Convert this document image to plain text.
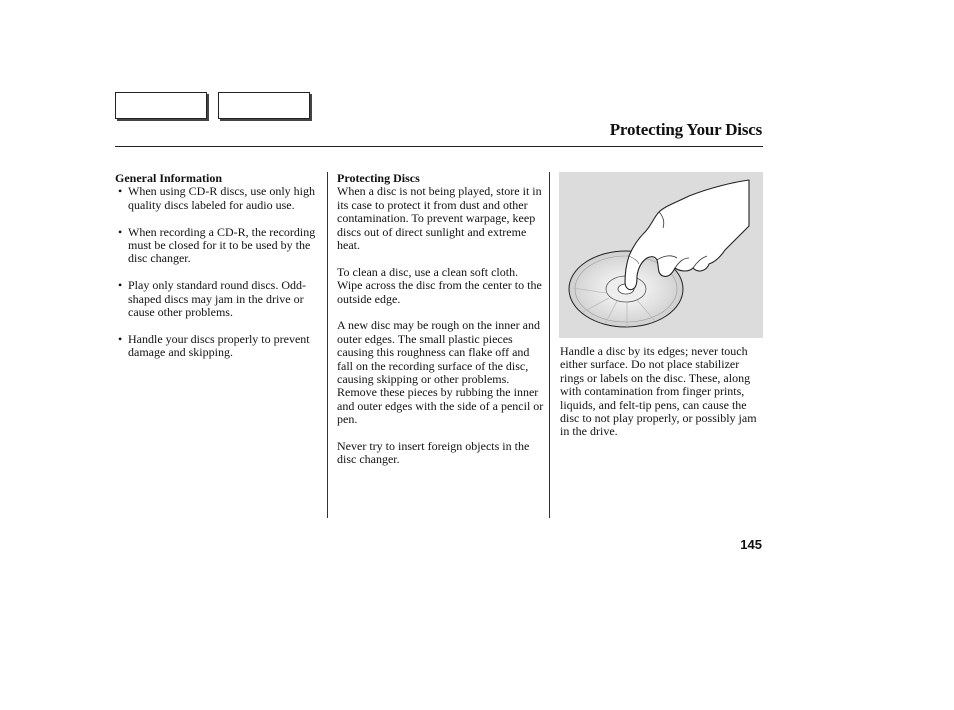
Protecting Your Discs
General Information
• When using CD-R discs, use only high quality discs labeled for audio use.
• When recording a CD-R, the recording must be closed for it to be used by the disc changer.
• Play only standard round discs. Odd-shaped discs may jam in the drive or cause other problems.
• Handle your discs properly to prevent damage and skipping.
Protecting Discs

When a disc is not being played, store it in its case to protect it from dust and other contamination. To prevent warpage, keep discs out of direct sunlight and extreme heat.

To clean a disc, use a clean soft cloth. Wipe across the disc from the center to the outside edge.

A new disc may be rough on the inner and outer edges. The small plastic pieces causing this roughness can flake off and fall on the recording surface of the disc, causing skipping or other problems. Remove these pieces by rubbing the inner and outer edges with the side of a pencil or pen.

Never try to insert foreign objects in the disc changer.

Handle a disc by its edges; never touch either surface. Do not place stabilizer rings or labels on the disc. These, along with contamination from finger prints, liquids, and felt-tip pens, can cause the disc to not play properly, or possibly jam in the drive.
145
